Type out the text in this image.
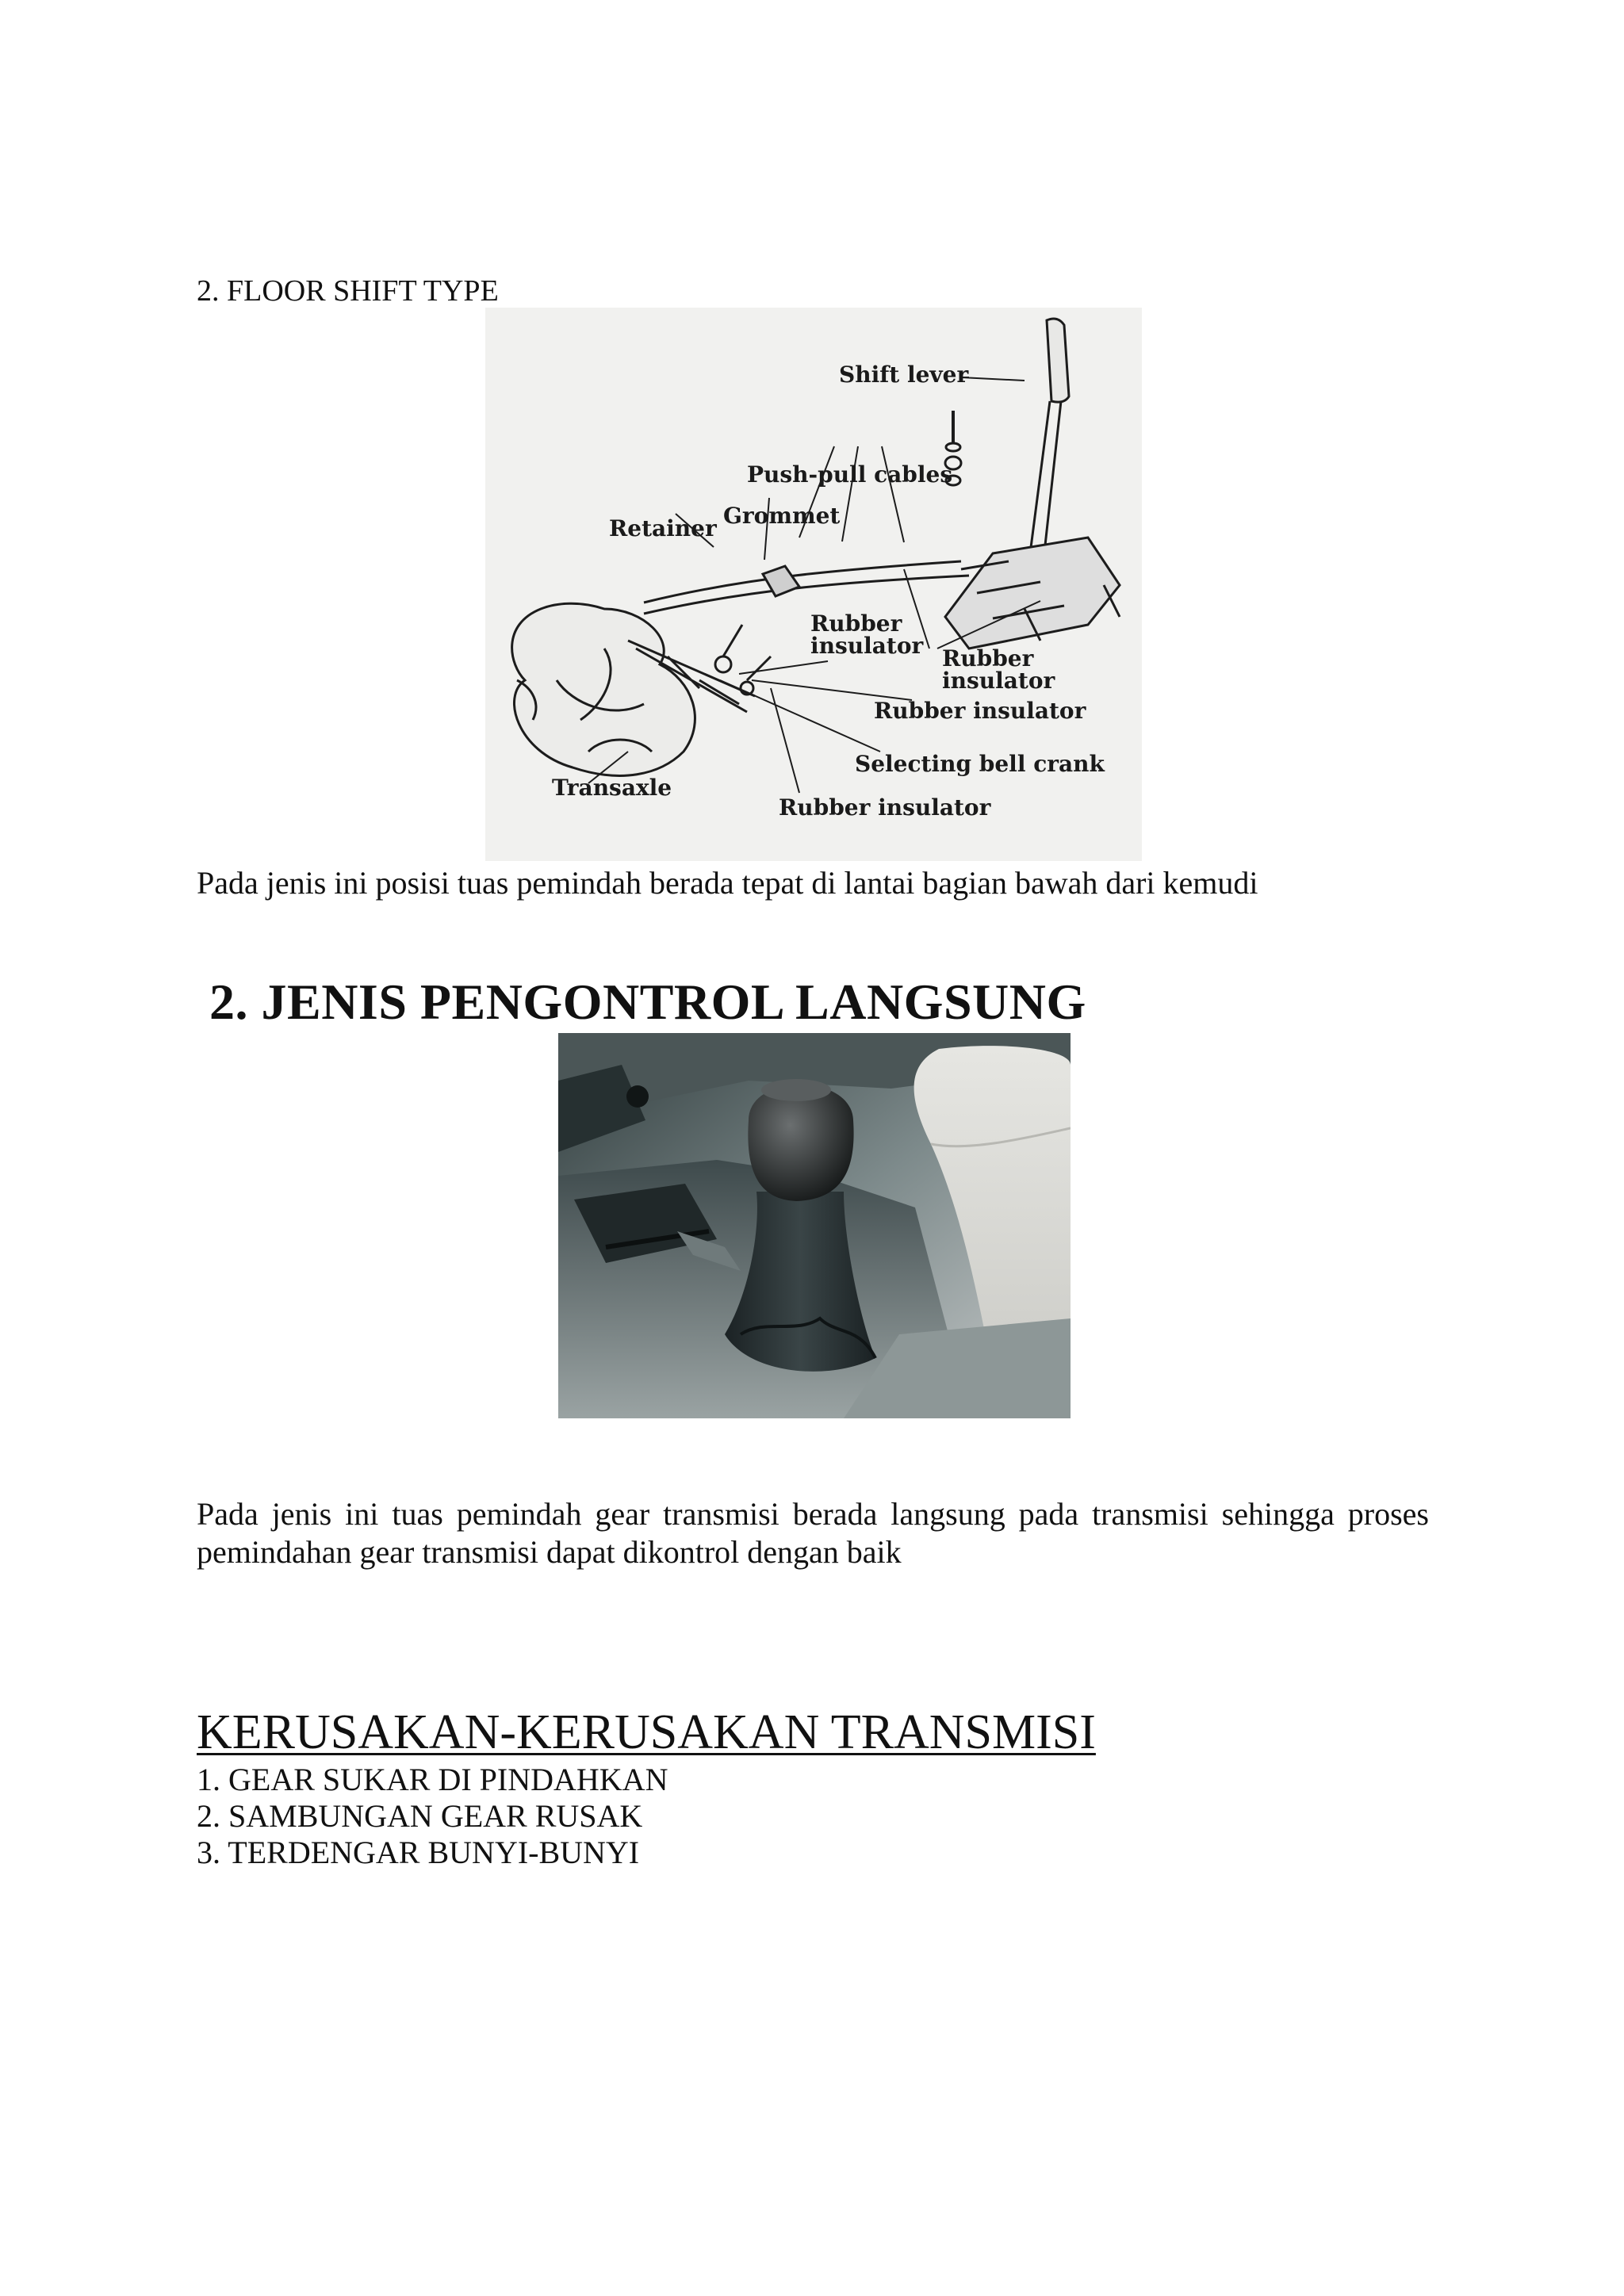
2. FLOOR SHIFT TYPE
Shift lever
Push-pull cables
Grommet
Retainer
Rubber
insulator Rubber
insulator
Rubber insulator
Selecting bell crank
Transaxle
Rubber insulator
Pada jenis ini posisi tuas pemindah berada tepat di lantai bagian bawah dari kemudi
2. JENIS PENGONTROL LANGSUNG
Pada jenis ini tuas pemindah gear transmisi berada langsung pada transmisi sehingga proses
pemindahan gear transmisi dapat dikontrol dengan baik
KERUSAKAN-KERUSAKAN TRANSMISI
1. GEAR SUKAR DI PINDAHKAN
2. SAMBUNGAN GEAR RUSAK
3. TERDENGAR BUNYI-BUNYI
